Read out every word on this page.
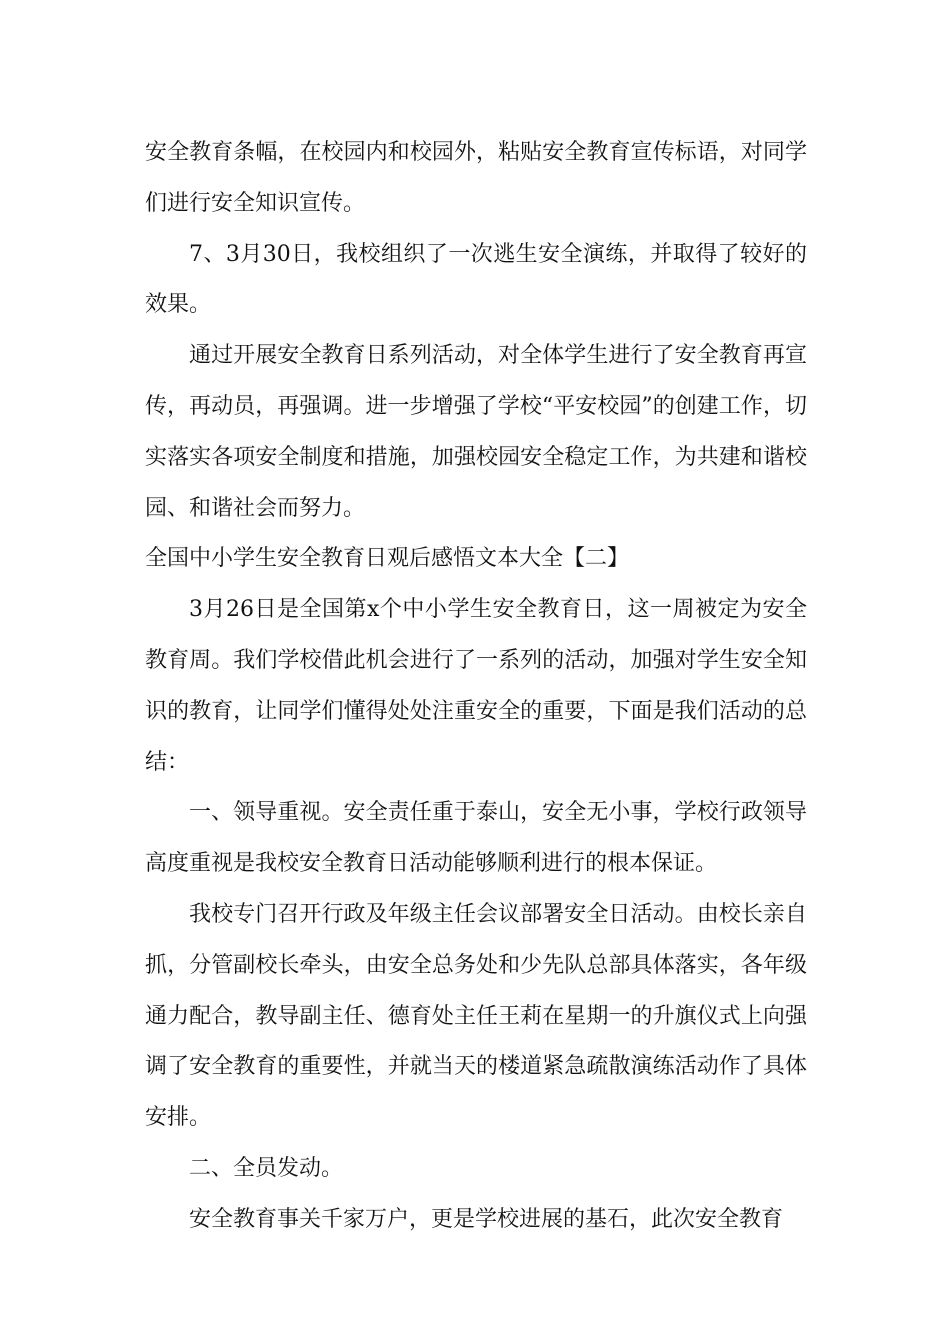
安全教育条幅，在校园内和校园外，粘贴安全教育宣传标语，对同学们进行安全知识宣传。

7、3月30日，我校组织了一次逃生安全演练，并取得了较好的效果。

通过开展安全教育日系列活动，对全体学生进行了安全教育再宣传，再动员，再强调。进一步增强了学校“平安校园”的创建工作，切实落实各项安全制度和措施，加强校园安全稳定工作，为共建和谐校园、和谐社会而努力。

全国中小学生安全教育日观后感悟文本大全【二】

3月26日是全国第x个中小学生安全教育日，这一周被定为安全教育周。我们学校借此机会进行了一系列的活动，加强对学生安全知识的教育，让同学们懂得处处注重安全的重要，下面是我们活动的总结：

一、领导重视。安全责任重于泰山，安全无小事，学校行政领导高度重视是我校安全教育日活动能够顺利进行的根本保证。

我校专门召开行政及年级主任会议部署安全日活动。由校长亲自抓，分管副校长牵头，由安全总务处和少先队总部具体落实，各年级通力配合，教导副主任、德育处主任王莉在星期一的升旗仪式上向强调了安全教育的重要性，并就当天的楼道紧急疏散演练活动作了具体安排。

二、全员发动。

安全教育事关千家万户，更是学校进展的基石，此次安全教育
